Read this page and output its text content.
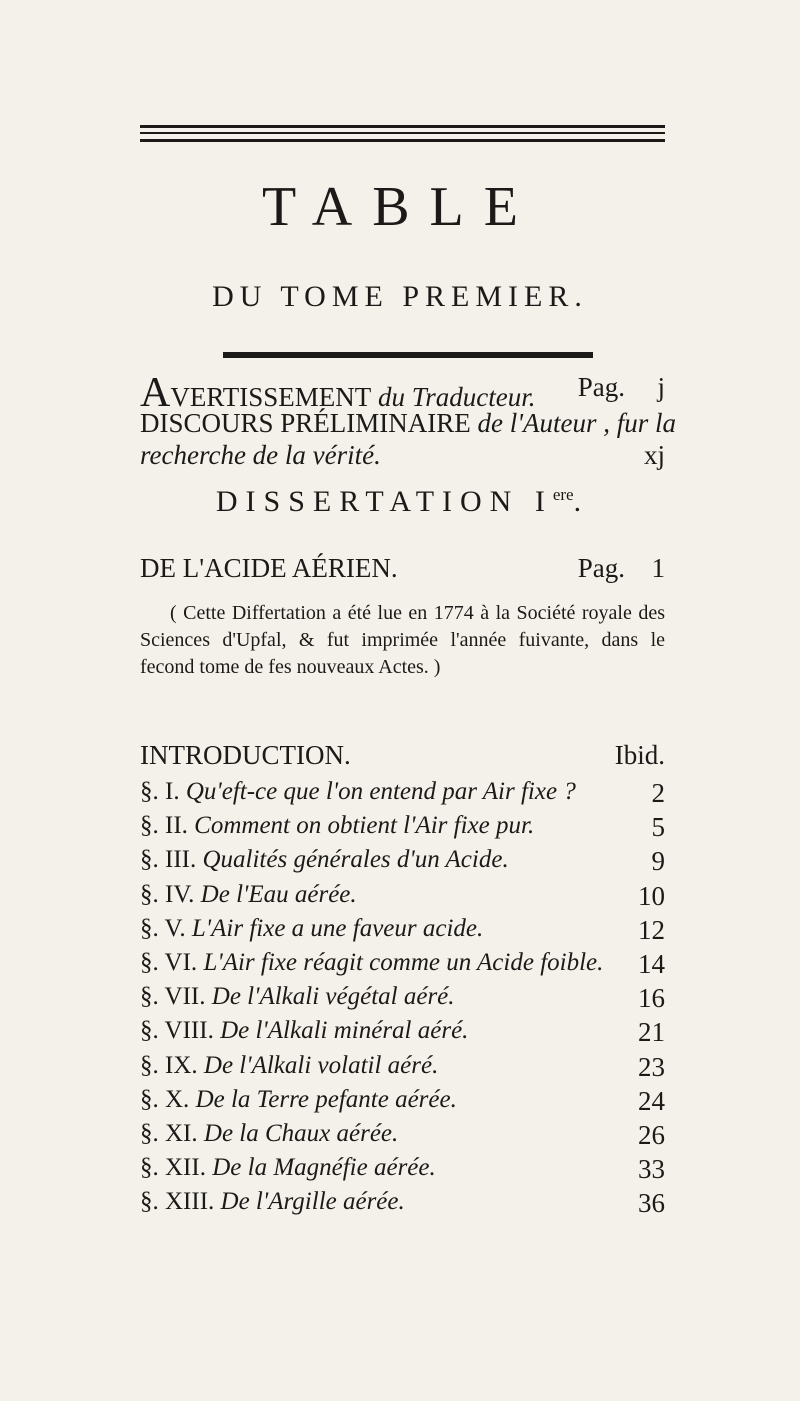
TABLE
DU TOME PREMIER.
AVERTISSEMENT du Traducteur. Pag. j
DISCOURS PRÉLIMINAIRE de l'Auteur , fur la
recherche de la vérité.	xj
DISSERTATION Iere.
DE L'ACIDE AÉRIEN.	Pag. 1
( Cette Differtation a été lue en 1774 à la Société royale des Sciences d'Upfal, & fut imprimée l'année fuivante, dans le fecond tome de fes nouveaux Actes. )
INTRODUCTION.	Ibid.
§. I. Qu'eft-ce que l'on entend par Air fixe ?	2
§. II. Comment on obtient l'Air fixe pur.	5
§. III. Qualités générales d'un Acide.	9
§. IV. De l'Eau aérée.	10
§. V. L'Air fixe a une faveur acide.	12
§. VI. L'Air fixe réagit comme un Acide foible. 14
§. VII. De l'Alkali végétal aéré.	16
§. VIII. De l'Alkali minéral aéré.	21
§. IX. De l'Alkali volatil aéré.	23
§. X. De la Terre pefante aérée.	24
§. XI. De la Chaux aérée.	26
§. XII. De la Magnéfie aérée.	33
§. XIII. De l'Argille aérée.	36
